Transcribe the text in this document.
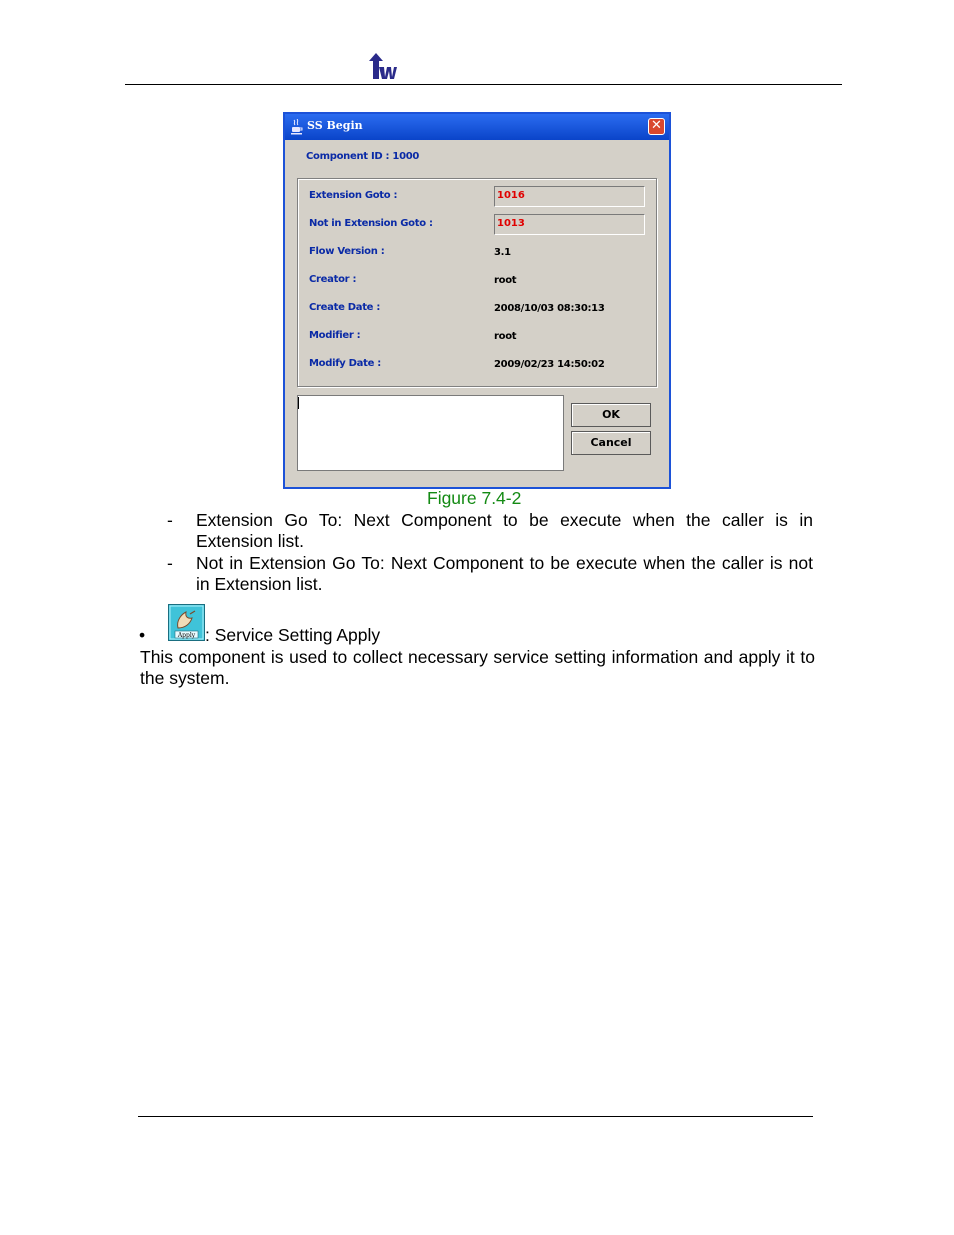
SS Begin	✕
Component ID : 1000
Extension Goto :	1016
Not in Extension Goto :	1013
Flow Version :	3.1
Creator :	root
Create Date :	2008/10/03 08:30:13
Modifier :	root
Modify Date :	2009/02/23 14:50:02
OK
Cancel
Figure 7.4-2
- Extension Go To: Next Component to be execute when the caller is in Extension list.
- Not in Extension Go To: Next Component to be execute when the caller is not in Extension list.
•	Apply : Service Setting Apply
This component is used to collect necessary service setting information and apply it to the system.
